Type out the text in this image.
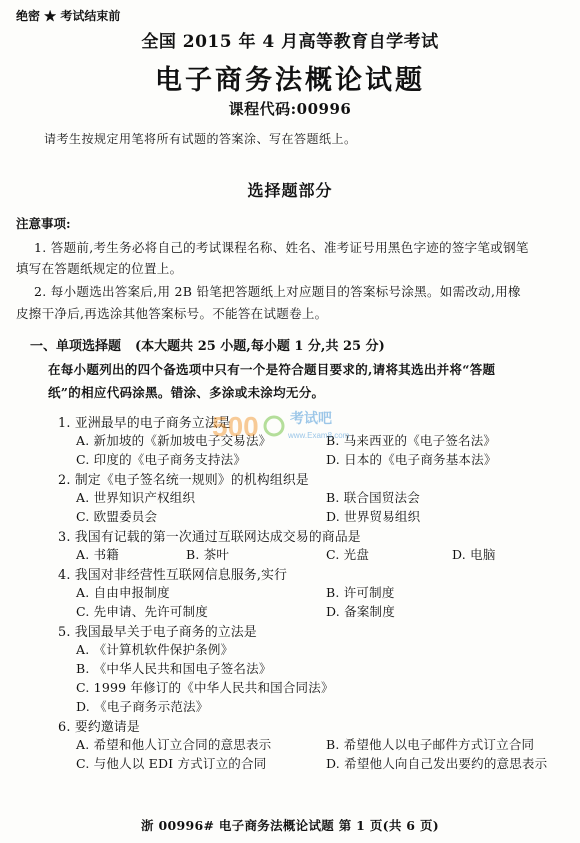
绝密 ★ 考试结束前
全国 2015 年 4 月高等教育自学考试
电子商务法概论试题
课程代码:00996
请考生按规定用笔将所有试题的答案涂、写在答题纸上。
选择题部分
注意事项:
1. 答题前,考生务必将自己的考试课程名称、姓名、准考证号用黑色字迹的签字笔或钢笔
填写在答题纸规定的位置上。
2. 每小题选出答案后,用 2B 铅笔把答题纸上对应题目的答案标号涂黑。如需改动,用橡
皮擦干净后,再选涂其他答案标号。不能答在试题卷上。
一、单项选择题 (本大题共 25 小题,每小题 1 分,共 25 分)
在每小题列出的四个备选项中只有一个是符合题目要求的,请将其选出并将“答题
纸”的相应代码涂黑。错涂、多涂或未涂均无分。
1. 亚洲最早的电子商务立法是
A. 新加坡的《新加坡电子交易法》	B. 马来西亚的《电子签名法》
C. 印度的《电子商务支持法》	D. 日本的《电子商务基本法》
2. 制定《电子签名统一规则》的机构组织是
A. 世界知识产权组织	B. 联合国贸法会
C. 欧盟委员会	D. 世界贸易组织
3. 我国有记载的第一次通过互联网达成交易的商品是
A. 书籍	B. 茶叶	C. 光盘	D. 电脑
4. 我国对非经营性互联网信息服务,实行
A. 自由申报制度	B. 许可制度
C. 先申请、先许可制度	D. 备案制度
5. 我国最早关于电子商务的立法是
A. 《计算机软件保护条例》
B. 《中华人民共和国电子签名法》
C. 1999 年修订的《中华人民共和国合同法》
D. 《电子商务示范法》
6. 要约邀请是
A. 希望和他人订立合同的意思表示	B. 希望他人以电子邮件方式订立合同
C. 与他人以 EDI 方式订立的合同	D. 希望他人向自己发出要约的意思表示
500 考试吧
www.Exam8.com
浙 00996# 电子商务法概论试题 第 1 页(共 6 页)
